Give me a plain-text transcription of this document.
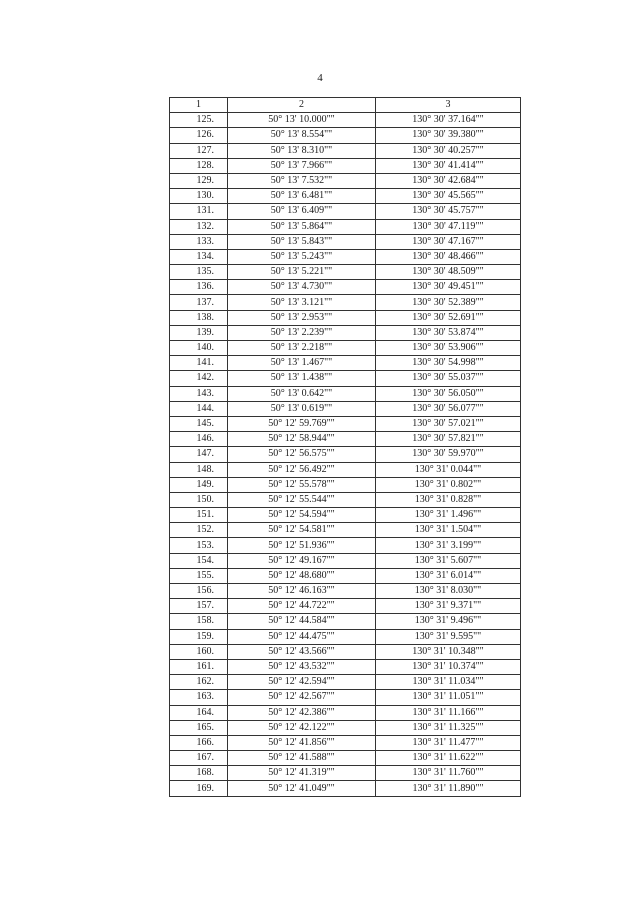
4
1	2	3
125.	50° 13' 10.000""	130° 30' 37.164""
126.	50° 13' 8.554""	130° 30' 39.380""
127.	50° 13' 8.310""	130° 30' 40.257""
128.	50° 13' 7.966""	130° 30' 41.414""
129.	50° 13' 7.532""	130° 30' 42.684""
130.	50° 13' 6.481""	130° 30' 45.565""
131.	50° 13' 6.409""	130° 30' 45.757""
132.	50° 13' 5.864""	130° 30' 47.119""
133.	50° 13' 5.843""	130° 30' 47.167""
134.	50° 13' 5.243""	130° 30' 48.466""
135.	50° 13' 5.221""	130° 30' 48.509""
136.	50° 13' 4.730""	130° 30' 49.451""
137.	50° 13' 3.121""	130° 30' 52.389""
138.	50° 13' 2.953""	130° 30' 52.691""
139.	50° 13' 2.239""	130° 30' 53.874""
140.	50° 13' 2.218""	130° 30' 53.906""
141.	50° 13' 1.467""	130° 30' 54.998""
142.	50° 13' 1.438""	130° 30' 55.037""
143.	50° 13' 0.642""	130° 30' 56.050""
144.	50° 13' 0.619""	130° 30' 56.077""
145.	50° 12' 59.769""	130° 30' 57.021""
146.	50° 12' 58.944""	130° 30' 57.821""
147.	50° 12' 56.575""	130° 30' 59.970""
148.	50° 12' 56.492""	130° 31' 0.044""
149.	50° 12' 55.578""	130° 31' 0.802""
150.	50° 12' 55.544""	130° 31' 0.828""
151.	50° 12' 54.594""	130° 31' 1.496""
152.	50° 12' 54.581""	130° 31' 1.504""
153.	50° 12' 51.936""	130° 31' 3.199""
154.	50° 12' 49.167""	130° 31' 5.607""
155.	50° 12' 48.680""	130° 31' 6.014""
156.	50° 12' 46.163""	130° 31' 8.030""
157.	50° 12' 44.722""	130° 31' 9.371""
158.	50° 12' 44.584""	130° 31' 9.496""
159.	50° 12' 44.475""	130° 31' 9.595""
160.	50° 12' 43.566""	130° 31' 10.348""
161.	50° 12' 43.532""	130° 31' 10.374""
162.	50° 12' 42.594""	130° 31' 11.034""
163.	50° 12' 42.567""	130° 31' 11.051""
164.	50° 12' 42.386""	130° 31' 11.166""
165.	50° 12' 42.122""	130° 31' 11.325""
166.	50° 12' 41.856""	130° 31' 11.477""
167.	50° 12' 41.588""	130° 31' 11.622""
168.	50° 12' 41.319""	130° 31' 11.760""
169.	50° 12' 41.049""	130° 31' 11.890""
